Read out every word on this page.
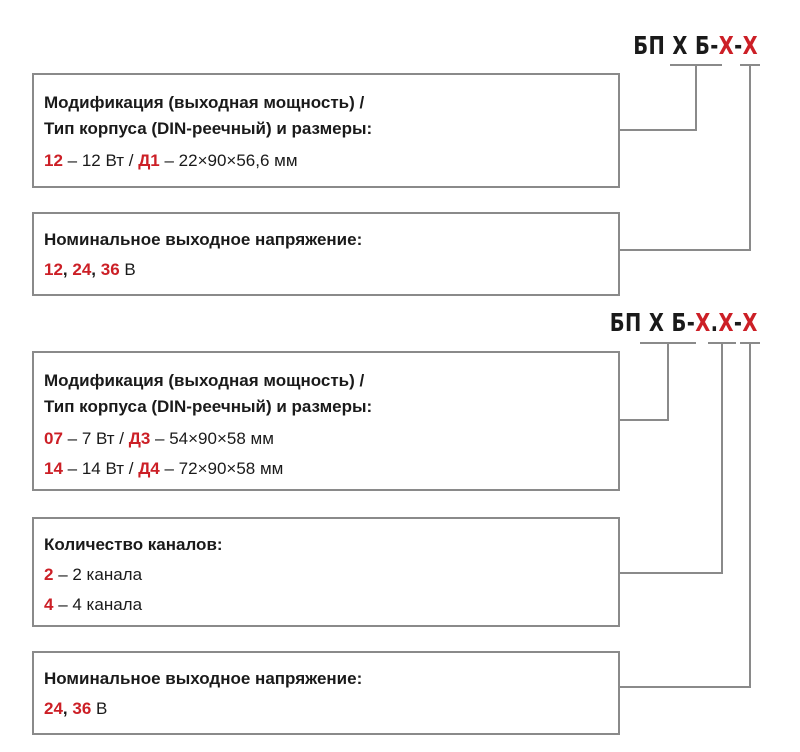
БП Х Б-Х-Х
Модификация (выходная мощность) /
Тип корпуса (DIN-реечный) и размеры:
12 – 12 Вт / Д1 – 22×90×56,6 мм
Номинальное выходное напряжение:
12, 24, 36 В
БП Х Б-Х.Х-Х
Модификация (выходная мощность) /
Тип корпуса (DIN-реечный) и размеры:
07 – 7 Вт / Д3 – 54×90×58 мм
14 – 14 Вт / Д4 – 72×90×58 мм
Количество каналов:
2 – 2 канала
4 – 4 канала
Номинальное выходное напряжение:
24, 36 В
